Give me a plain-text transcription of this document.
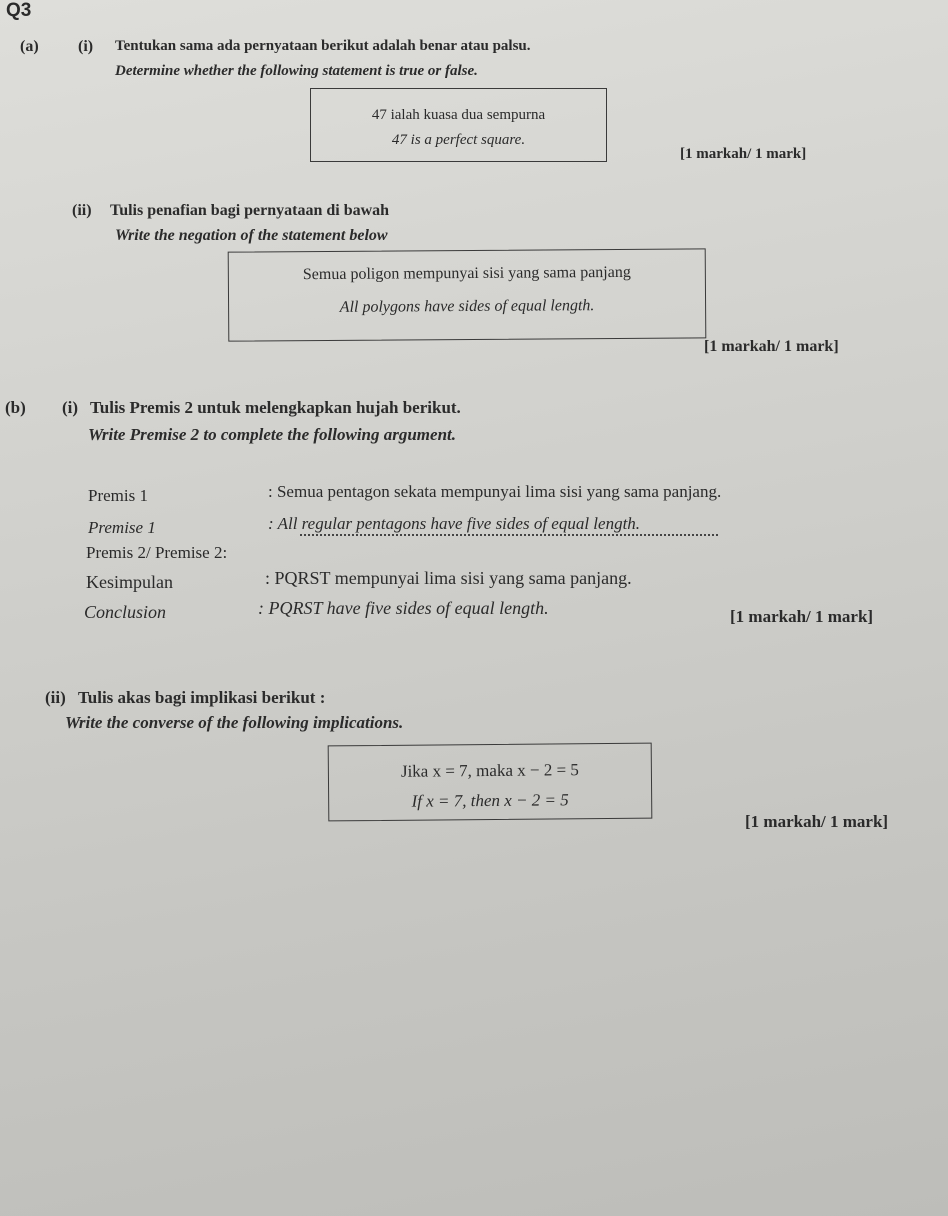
Q3
(a) (i) Tentukan sama ada pernyataan berikut adalah benar atau palsu.
Determine whether the following statement is true or false.
47 ialah kuasa dua sempurna
47 is a perfect square.
[1 markah/ 1 mark]
(ii) Tulis penafian bagi pernyataan di bawah
Write the negation of the statement below
Semua poligon mempunyai sisi yang sama panjang
All polygons have sides of equal length.
[1 markah/ 1 mark]
(b) (i) Tulis Premis 2 untuk melengkapkan hujah berikut.
Write Premise 2 to complete the following argument.
Premis 1	: Semua pentagon sekata mempunyai lima sisi yang sama panjang.
Premise 1	: All regular pentagons have five sides of equal length.
Premis 2/ Premise 2:
Kesimpulan	: PQRST mempunyai lima sisi yang sama panjang.
Conclusion	: PQRST have five sides of equal length.	[1 markah/ 1 mark]
(ii) Tulis akas bagi implikasi berikut :
Write the converse of the following implications.
Jika x = 7, maka x − 2 = 5
If x = 7, then x − 2 = 5
[1 markah/ 1 mark]
